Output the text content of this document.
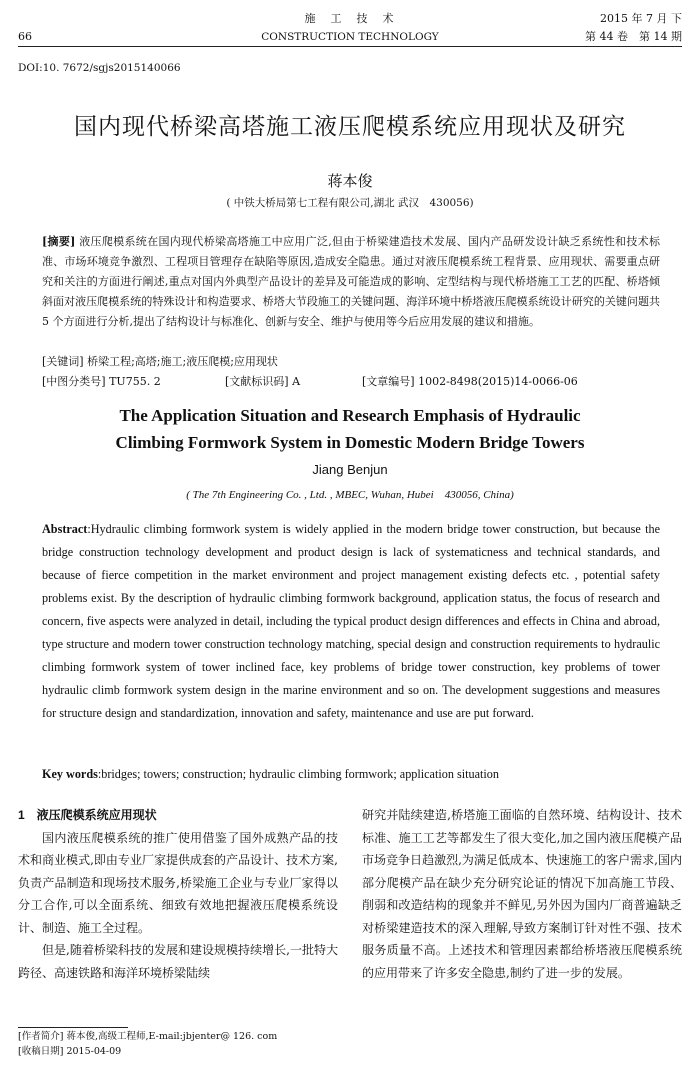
66
施　工　技　术
CONSTRUCTION TECHNOLOGY
2015 年 7 月 下
第 44 卷　第 14 期
DOI:10. 7672/sgjs2015140066
国内现代桥梁高塔施工液压爬模系统应用现状及研究
蒋本俊
( 中铁大桥局第七工程有限公司,湖北 武汉　430056)
[摘要] 液压爬模系统在国内现代桥梁高塔施工中应用广泛,但由于桥梁建造技术发展、国内产品研发设计缺乏系统性和技术标准、市场环境竞争激烈、工程项目管理存在缺陷等原因,造成安全隐患。通过对液压爬模系统工程背景、应用现状、需要重点研究和关注的方面进行阐述,重点对国内外典型产品设计的差异及可能造成的影响、定型结构与现代桥塔施工工艺的匹配、桥塔倾斜面对液压爬模系统的特殊设计和构造要求、桥塔大节段施工的关键问题、海洋环境中桥塔液压爬模系统设计研究的关键问题共 5 个方面进行分析,提出了结构设计与标准化、创新与安全、维护与使用等今后应用发展的建议和措施。
[关键词] 桥梁工程;高塔;施工;液压爬模;应用现状
[中图分类号] TU755. 2	[文献标识码] A	[文章编号] 1002-8498(2015)14-0066-06
The Application Situation and Research Emphasis of Hydraulic
Climbing Formwork System in Domestic Modern Bridge Towers
Jiang Benjun
( The 7th Engineering Co. , Ltd. , MBEC, Wuhan, Hubei　430056, China)
Abstract:Hydraulic climbing formwork system is widely applied in the modern bridge tower construction, but because the bridge construction technology development and product design is lack of systematicness and technical standards, and because of fierce competition in the market environment and project management existing defects etc. , potential safety problems exist. By the description of hydraulic climbing formwork background, application status, the focus of research and concern, five aspects were analyzed in detail, including the typical product design differences and effects in China and abroad, type structure and modern tower construction technology matching, special design and construction requirements to hydraulic climbing formwork system of tower inclined face, key problems of bridge tower construction, key problems of tower hydraulic climb formwork system design in the marine environment and so on. The development suggestions and measures for structure design and standardization, innovation and safety, maintenance and use are put forward.
Key words:bridges; towers; construction; hydraulic climbing formwork; application situation
1　液压爬模系统应用现状
国内液压爬模系统的推广使用借鉴了国外成熟产品的技术和商业模式,即由专业厂家提供成套的产品设计、技术方案,负责产品制造和现场技术服务,桥梁施工企业与专业厂家得以分工合作,可以全面系统、细致有效地把握液压爬模系统设计、制造、施工全过程。
但是,随着桥梁科技的发展和建设规模持续增长,一批特大跨径、高速铁路和海洋环境桥梁陆续
研究并陆续建造,桥塔施工面临的自然环境、结构设计、技术标准、施工工艺等都发生了很大变化,加之国内液压爬模产品市场竞争日趋激烈,为满足低成本、快速施工的客户需求,国内部分爬模产品在缺少充分研究论证的情况下加高施工节段、削弱和改造结构的现象并不鲜见,另外因为国内厂商普遍缺乏对桥梁建造技术的深入理解,导致方案制订针对性不强、技术服务质量不高。上述技术和管理因素都给桥塔液压爬模系统的应用带来了许多安全隐患,制约了进一步的发展。
[作者简介] 蒋本俊,高级工程师,E-mail:jbjenter@ 126. com
[收稿日期] 2015-04-09
